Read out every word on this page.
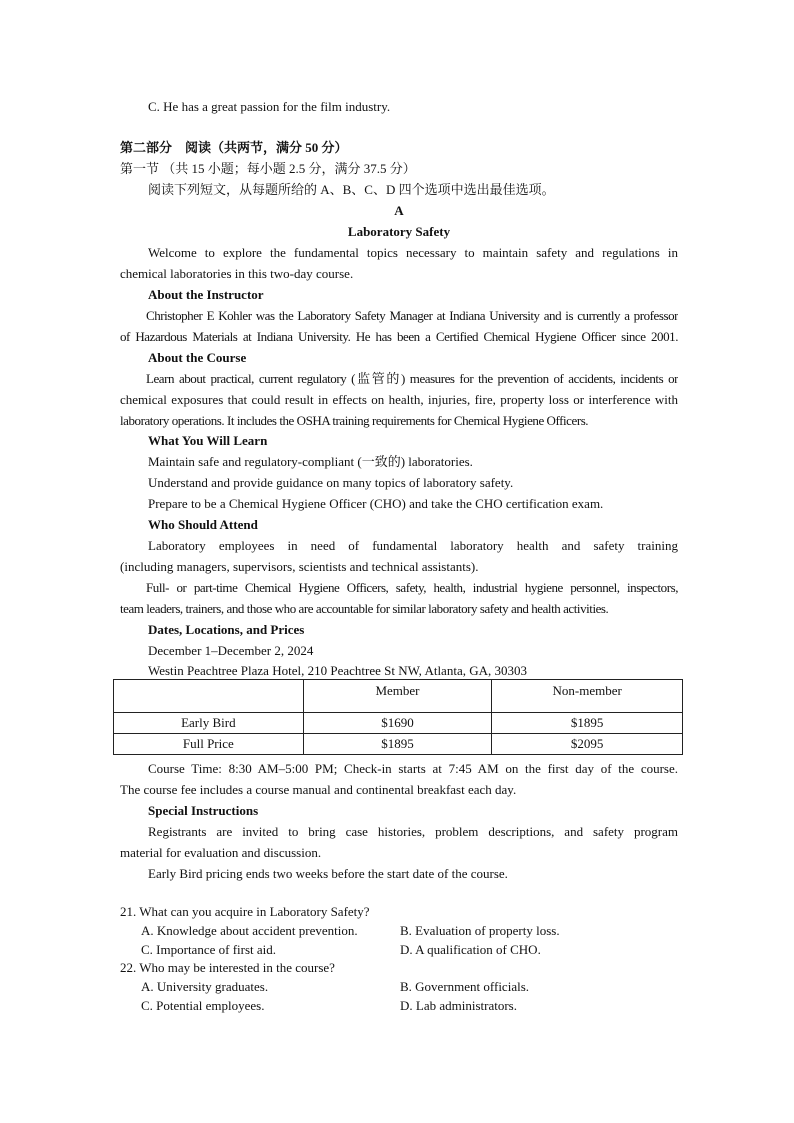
C. He has a great passion for the film industry.
第二部分　阅读（共两节，满分 50 分）
第一节 （共 15 小题；每小题 2.5 分，满分 37.5 分）
阅读下列短文，从每题所给的 A、B、C、D 四个选项中选出最佳选项。
A
Laboratory Safety
Welcome to explore the fundamental topics necessary to maintain safety and regulations in
chemical laboratories in this two-day course.
About the Instructor
Christopher E Kohler was the Laboratory Safety Manager at Indiana University and is currently a professor
of Hazardous Materials at Indiana University. He has been a Certified Chemical Hygiene Officer since 2001.
About the Course
Learn about practical, current regulatory (监管的) measures for the prevention of accidents, incidents or
chemical exposures that could result in effects on health, injuries, fire, property loss or interference with
laboratory operations. It includes the OSHA training requirements for Chemical Hygiene Officers.
What You Will Learn
Maintain safe and regulatory-compliant (一致的) laboratories.
Understand and provide guidance on many topics of laboratory safety.
Prepare to be a Chemical Hygiene Officer (CHO) and take the CHO certification exam.
Who Should Attend
Laboratory employees in need of fundamental laboratory health and safety training
(including managers, supervisors, scientists and technical assistants).
Full- or part-time Chemical Hygiene Officers, safety, health, industrial hygiene personnel, inspectors,
team leaders, trainers, and those who are accountable for similar laboratory safety and health activities.
Dates, Locations, and Prices
December 1–December 2, 2024
Westin Peachtree Plaza Hotel, 210 Peachtree St NW, Atlanta, GA, 30303
	Member	Non-member
Early Bird	$1690	$1895
Full Price	$1895	$2095
Course Time: 8:30 AM–5:00 PM; Check-in starts at 7:45 AM on the first day of the course.
The course fee includes a course manual and continental breakfast each day.
Special Instructions
Registrants are invited to bring case histories, problem descriptions, and safety program
material for evaluation and discussion.
Early Bird pricing ends two weeks before the start date of the course.
21. What can you acquire in Laboratory Safety?
A. Knowledge about accident prevention.	B. Evaluation of property loss.
C. Importance of first aid.	D. A qualification of CHO.
22. Who may be interested in the course?
A. University graduates.	B. Government officials.
C. Potential employees.	D. Lab administrators.
